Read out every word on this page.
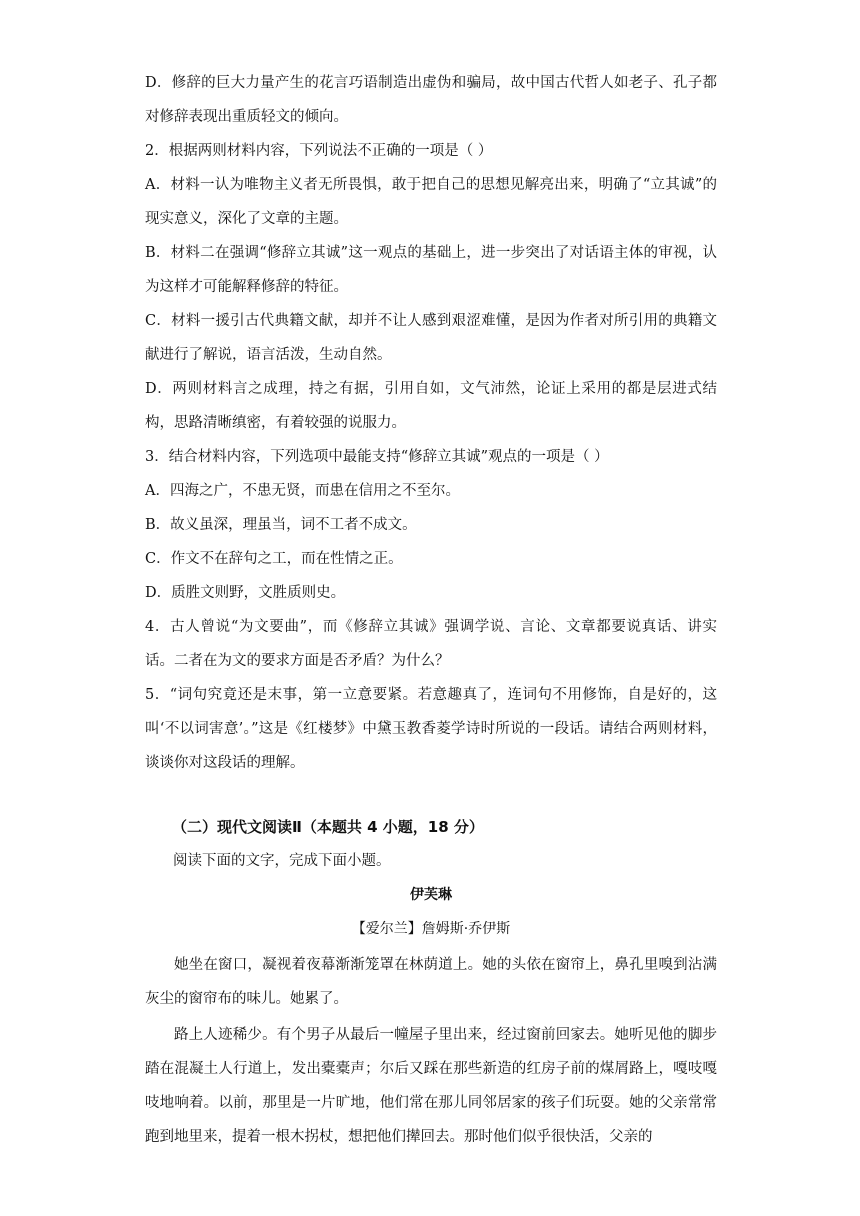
D．修辞的巨大力量产生的花言巧语制造出虚伪和骗局，故中国古代哲人如老子、孔子都对修辞表现出重质轻文的倾向。

2．根据两则材料内容，下列说法不正确的一项是（ ）

A．材料一认为唯物主义者无所畏惧，敢于把自己的思想见解亮出来，明确了“立其诚”的现实意义，深化了文章的主题。

B．材料二在强调“修辞立其诚”这一观点的基础上，进一步突出了对话语主体的审视，认为这样才可能解释修辞的特征。

C．材料一援引古代典籍文献，却并不让人感到艰涩难懂，是因为作者对所引用的典籍文献进行了解说，语言活泼，生动自然。

D．两则材料言之成理，持之有据，引用自如，文气沛然，论证上采用的都是层进式结构，思路清晰缜密，有着较强的说服力。

3．结合材料内容，下列选项中最能支持“修辞立其诚”观点的一项是（ ）

A．四海之广，不患无贤，而患在信用之不至尔。

B．故义虽深，理虽当，词不工者不成文。

C．作文不在辞句之工，而在性情之正。

D．质胜文则野，文胜质则史。

4．古人曾说“为文要曲”，而《修辞立其诚》强调学说、言论、文章都要说真话、讲实话。二者在为文的要求方面是否矛盾？为什么？

5．“词句究竟还是末事，第一立意要紧。若意趣真了，连词句不用修饰，自是好的，这叫‘不以词害意’。”这是《红楼梦》中黛玉教香菱学诗时所说的一段话。请结合两则材料，谈谈你对这段话的理解。

（二）现代文阅读Ⅱ（本题共 4 小题，18 分）

阅读下面的文字，完成下面小题。

伊芙琳
【爱尔兰】詹姆斯·乔伊斯

她坐在窗口，凝视着夜幕渐渐笼罩在林荫道上。她的头依在窗帘上，鼻孔里嗅到沾满灰尘的窗帘布的味儿。她累了。

路上人迹稀少。有个男子从最后一幢屋子里出来，经过窗前回家去。她听见他的脚步踏在混凝土人行道上，发出橐橐声；尔后又踩在那些新造的红房子前的煤屑路上，嘎吱嘎吱地响着。以前，那里是一片旷地，他们常在那儿同邻居家的孩子们玩耍。她的父亲常常跑到地里来，提着一根木拐杖，想把他们撵回去。那时他们似乎很快活，父亲的
